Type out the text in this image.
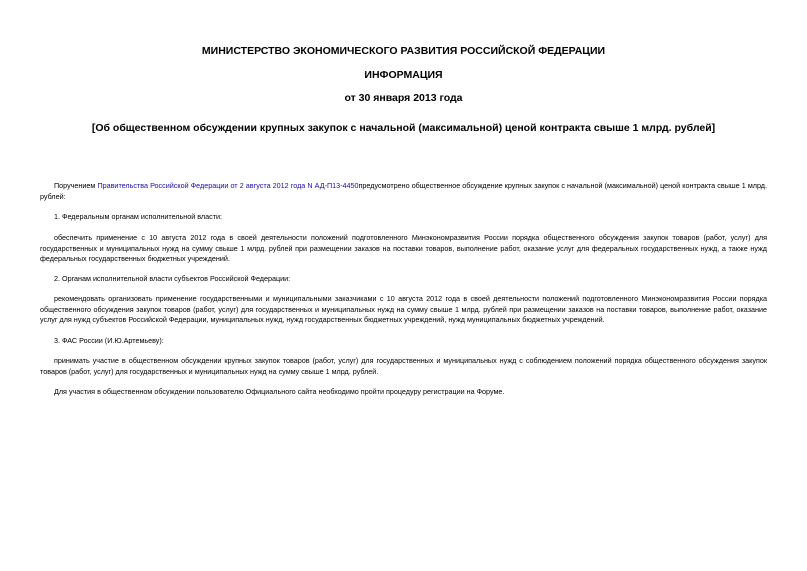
МИНИСТЕРСТВО ЭКОНОМИЧЕСКОГО РАЗВИТИЯ РОССИЙСКОЙ ФЕДЕРАЦИИ
ИНФОРМАЦИЯ
от 30 января 2013 года
[Об общественном обсуждении крупных закупок с начальной (максимальной) ценой контракта свыше 1 млрд. рублей]

Поручением Правительства Российской Федерации от 2 августа 2012 года N АД-П13-4450предусмотрено общественное обсуждение крупных закупок с начальной (максимальной) ценой контракта свыше 1 млрд. рублей:

1. Федеральным органам исполнительной власти:

обеспечить применение с 10 августа 2012 года в своей деятельности положений подготовленного Минэкономразвития России порядка общественного обсуждения закупок товаров (работ, услуг) для государственных и муниципальных нужд на сумму свыше 1 млрд. рублей при размещении заказов на поставки товаров, выполнение работ, оказание услуг для федеральных государственных нужд, а также нужд федеральных государственных бюджетных учреждений.

2. Органам исполнительной власти субъектов Российской Федерации:

рекомендовать организовать применение государственными и муниципальными заказчиками с 10 августа 2012 года в своей деятельности положений подготовленного Минэкономразвития России порядка общественного обсуждения закупок товаров (работ, услуг) для государственных и муниципальных нужд на сумму свыше 1 млрд. рублей при размещении заказов на поставки товаров, выполнение работ, оказание услуг для нужд субъектов Российской Федерации, муниципальных нужд, нужд государственных бюджетных учреждений, нужд муниципальных бюджетных учреждений.

3. ФАС России (И.Ю.Артемьеву):

принимать участие в общественном обсуждении крупных закупок товаров (работ, услуг) для государственных и муниципальных нужд с соблюдением положений порядка общественного обсуждения закупок товаров (работ, услуг) для государственных и муниципальных нужд на сумму свыше 1 млрд. рублей.

Для участия в общественном обсуждении пользователю Официального сайта необходимо пройти процедуру регистрации на Форуме.
